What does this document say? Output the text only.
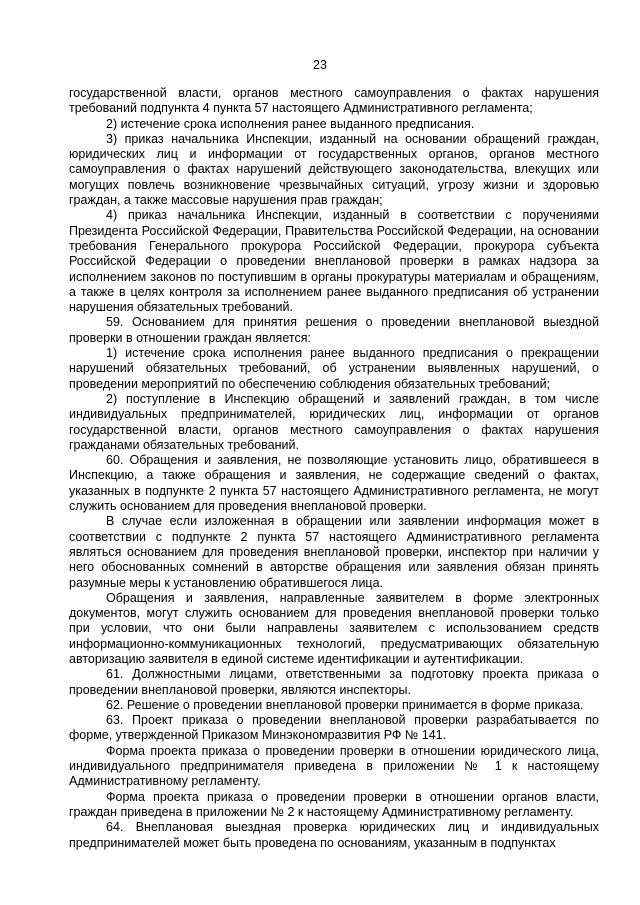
23

государственной власти, органов местного самоуправления о фактах нарушения требований подпункта 4 пункта 57 настоящего Административного регламента;

2) истечение срока исполнения ранее выданного предписания.

3) приказ начальника Инспекции, изданный на основании обращений граждан, юридических лиц и информации от государственных органов, органов местного самоуправления о фактах нарушений действующего законодательства, влекущих или могущих повлечь возникновение чрезвычайных ситуаций, угрозу жизни и здоровью граждан, а также массовые нарушения прав граждан;

4) приказ начальника Инспекции, изданный в соответствии с поручениями Президента Российской Федерации, Правительства Российской Федерации, на основании требования Генерального прокурора Российской Федерации, прокурора субъекта Российской Федерации о проведении внеплановой проверки в рамках надзора за исполнением законов по поступившим в органы прокуратуры материалам и обращениям, а также в целях контроля за исполнением ранее выданного предписания об устранении нарушения обязательных требований.

59. Основанием для принятия решения о проведении внеплановой выездной проверки в отношении граждан является:

1) истечение срока исполнения ранее выданного предписания о прекращении нарушений обязательных требований, об устранении выявленных нарушений, о проведении мероприятий по обеспечению соблюдения обязательных требований;

2) поступление в Инспекцию обращений и заявлений граждан, в том числе индивидуальных предпринимателей, юридических лиц, информации от органов государственной власти, органов местного самоуправления о фактах нарушения гражданами обязательных требований.

60. Обращения и заявления, не позволяющие установить лицо, обратившееся в Инспекцию, а также обращения и заявления, не содержащие сведений о фактах, указанных в подпункте 2 пункта 57 настоящего Административного регламента, не могут служить основанием для проведения внеплановой проверки.

В случае если изложенная в обращении или заявлении информация может в соответствии с подпункте 2 пункта 57 настоящего Административного регламента являться основанием для проведения внеплановой проверки, инспектор при наличии у него обоснованных сомнений в авторстве обращения или заявления обязан принять разумные меры к установлению обратившегося лица.

Обращения и заявления, направленные заявителем в форме электронных документов, могут служить основанием для проведения внеплановой проверки только при условии, что они были направлены заявителем с использованием средств информационно-коммуникационных технологий, предусматривающих обязательную авторизацию заявителя в единой системе идентификации и аутентификации.

61. Должностными лицами, ответственными за подготовку проекта приказа о проведении внеплановой проверки, являются инспекторы.

62. Решение о проведении внеплановой проверки принимается в форме приказа.

63. Проект приказа о проведении внеплановой проверки разрабатывается по форме, утвержденной Приказом Минэкономразвития РФ № 141.

Форма проекта приказа о проведении проверки в отношении юридического лица, индивидуального предпринимателя приведена в приложении № 1 к настоящему Административному регламенту.

Форма проекта приказа о проведении проверки в отношении органов власти, граждан приведена в приложении № 2 к настоящему Административному регламенту.

64. Внеплановая выездная проверка юридических лиц и индивидуальных предпринимателей может быть проведена по основаниям, указанным в подпунктах
